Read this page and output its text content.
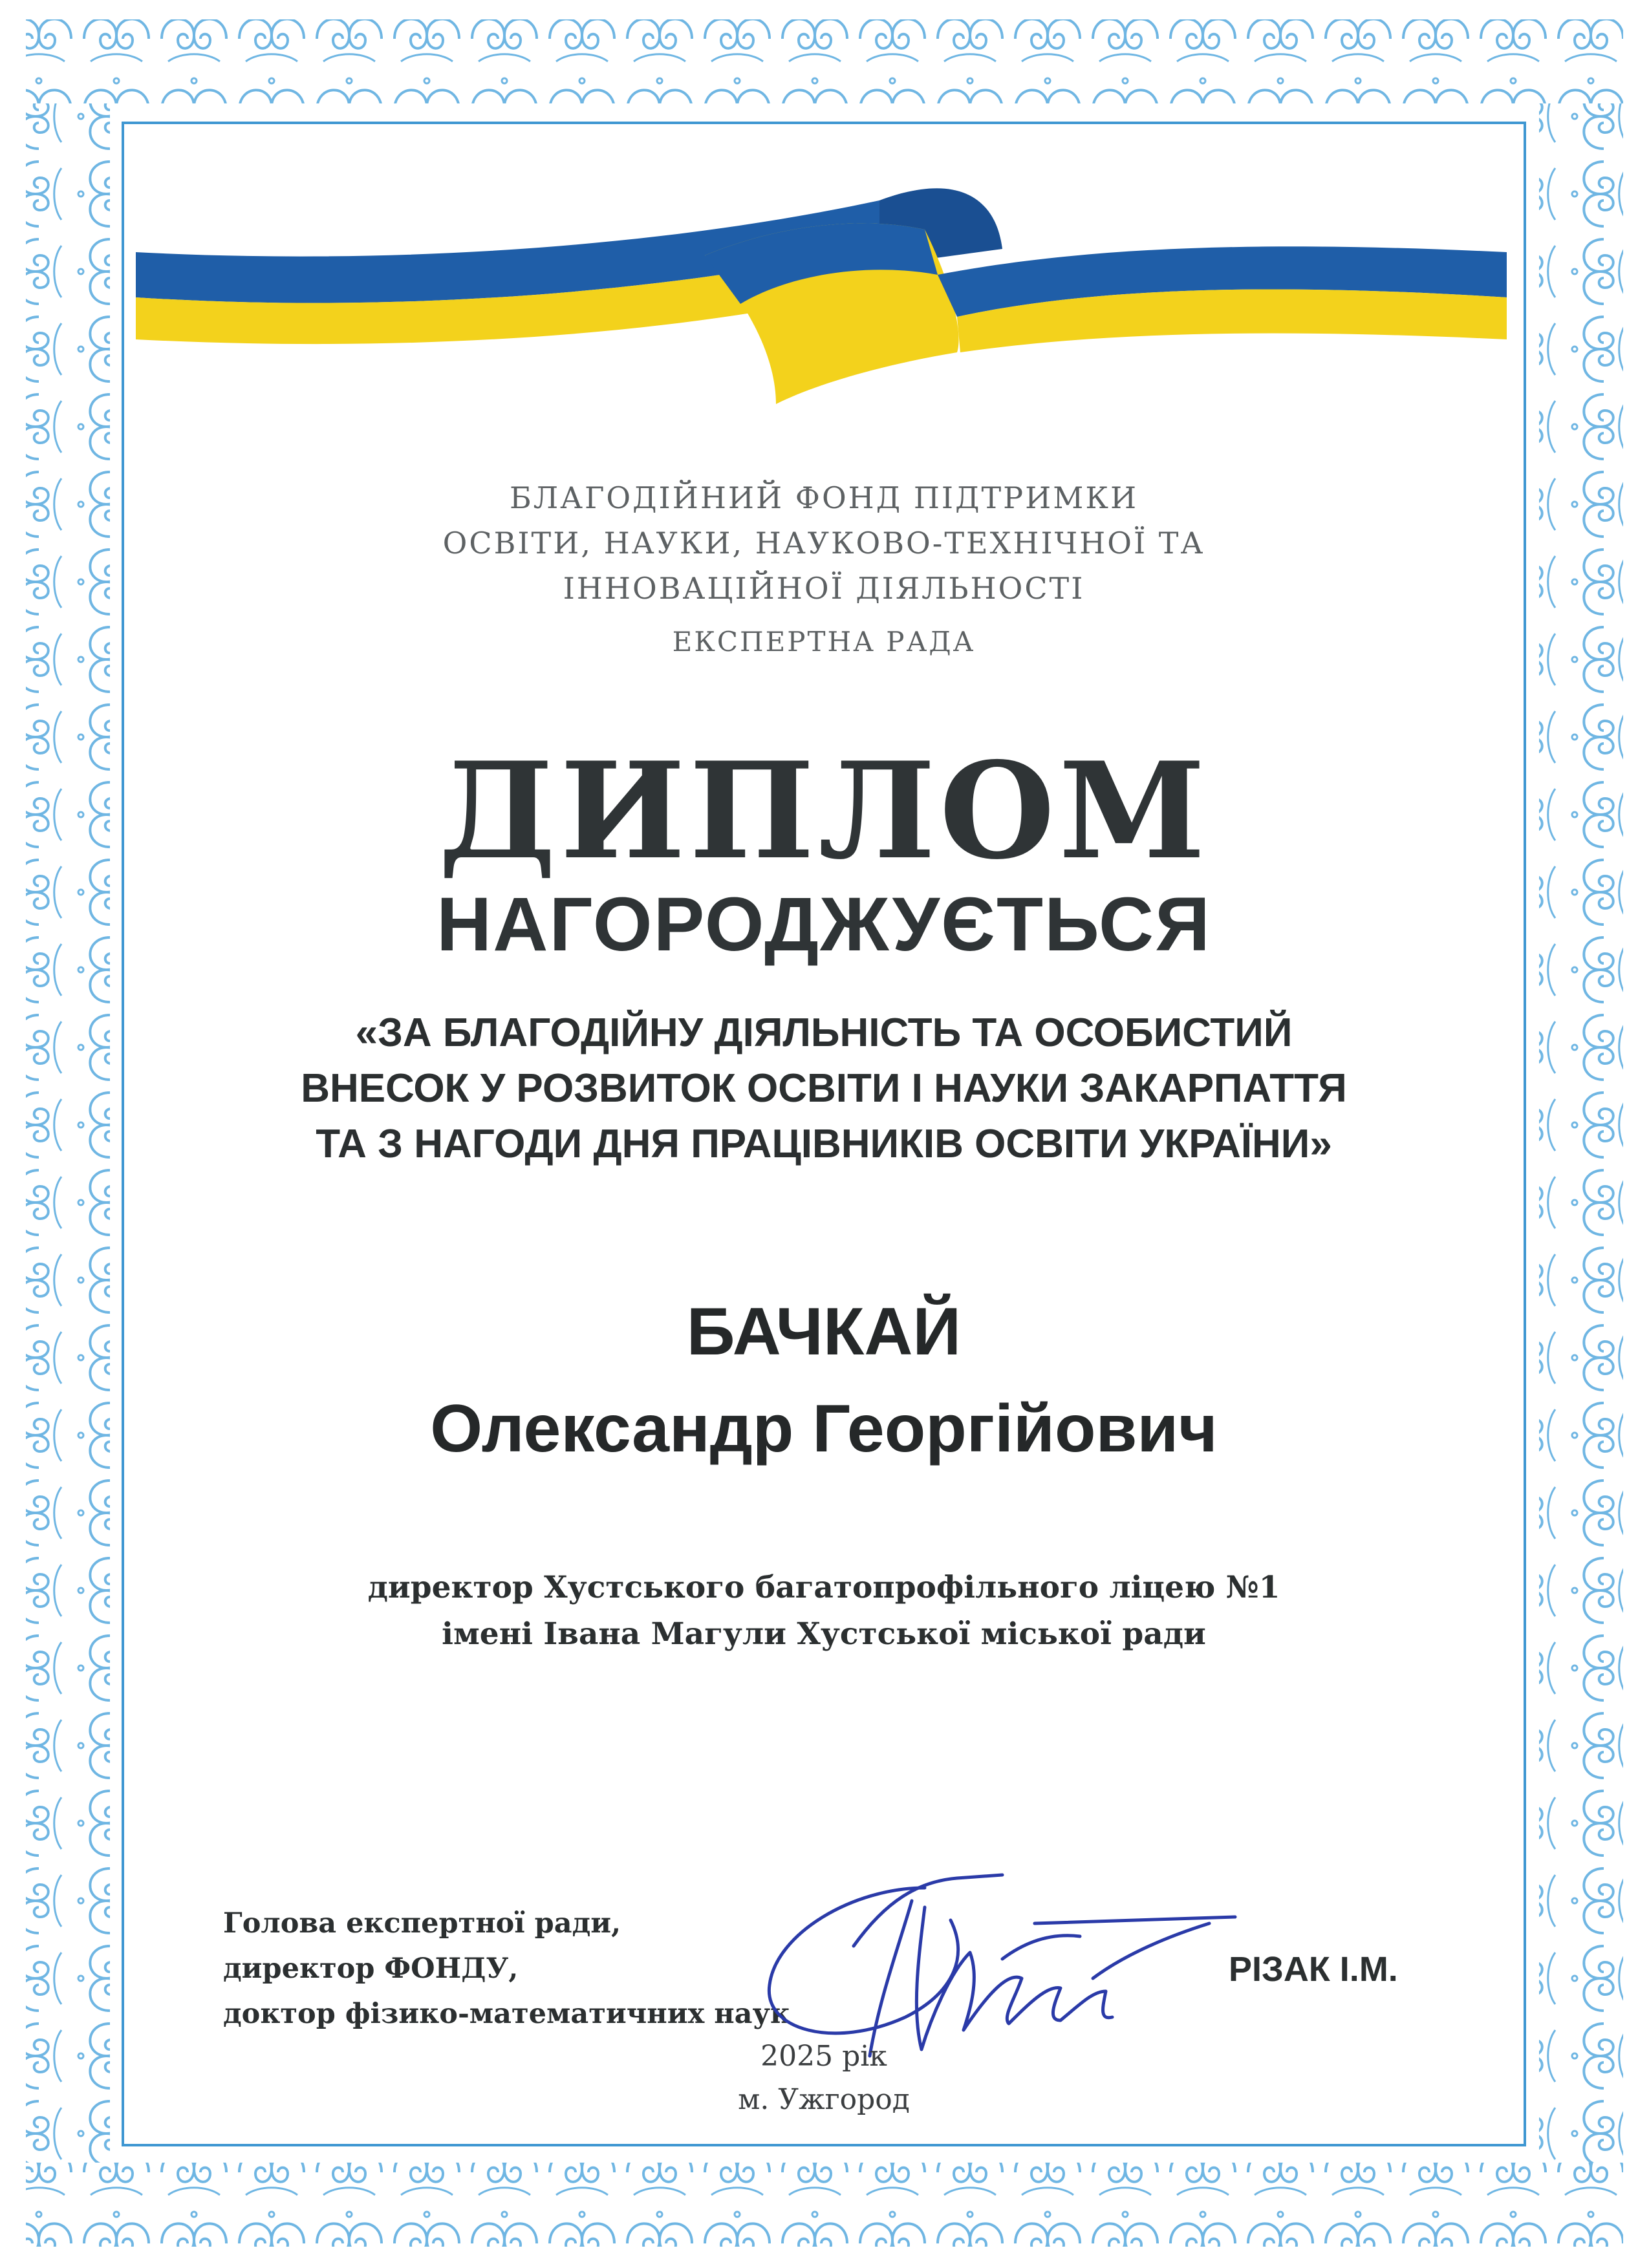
БЛАГОДІЙНИЙ ФОНД ПІДТРИМКИ
ОСВІТИ, НАУКИ, НАУКОВО-ТЕХНІЧНОЇ ТА
ІННОВАЦІЙНОЇ ДІЯЛЬНОСТІ
ЕКСПЕРТНА РАДА
ДИПЛОМ
НАГОРОДЖУЄТЬСЯ
«ЗА БЛАГОДІЙНУ ДІЯЛЬНІСТЬ ТА ОСОБИСТИЙ
ВНЕСОК У РОЗВИТОК ОСВІТИ І НАУКИ ЗАКАРПАТТЯ
ТА З НАГОДИ ДНЯ ПРАЦІВНИКІВ ОСВІТИ УКРАЇНИ»
БАЧКАЙ
Олександр Георгійович
директор Хустського багатопрофільного ліцею №1
імені Івана Магули Хустської міської ради
Голова експертної ради,
директор ФОНДУ,
доктор фізико-математичних наук
РІЗАК І.М.
2025 рік
м. Ужгород
